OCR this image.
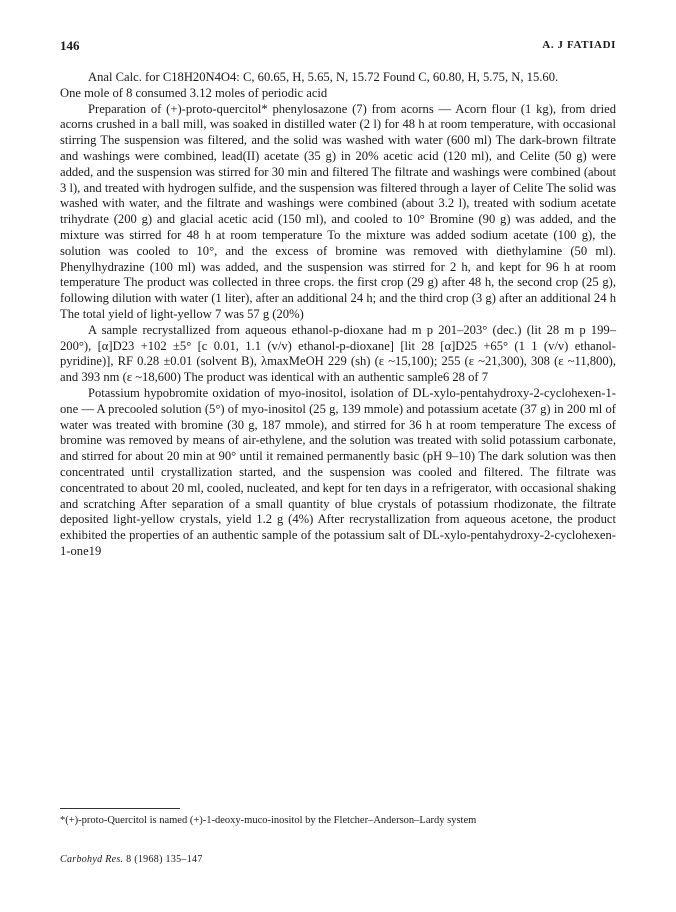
146	A. J FATIADI

Anal Calc. for C18H20N4O4: C, 60.65, H, 5.65, N, 15.72 Found C, 60.80, H, 5.75, N, 15.60.

One mole of 8 consumed 3.12 moles of periodic acid

Preparation of (+)-proto-quercitol* phenylosazone (7) from acorns — Acorn flour (1 kg), from dried acorns crushed in a ball mill, was soaked in distilled water (2 l) for 48 h at room temperature, with occasional stirring The suspension was filtered, and the solid was washed with water (600 ml) The dark-brown filtrate and washings were combined, lead(II) acetate (35 g) in 20% acetic acid (120 ml), and Celite (50 g) were added, and the suspension was stirred for 30 min and filtered The filtrate and washings were combined (about 3 l), and treated with hydrogen sulfide, and the suspension was filtered through a layer of Celite The solid was washed with water, and the filtrate and washings were combined (about 3.2 l), treated with sodium acetate trihydrate (200 g) and glacial acetic acid (150 ml), and cooled to 10° Bromine (90 g) was added, and the mixture was stirred for 48 h at room temperature To the mixture was added sodium acetate (100 g), the solution was cooled to 10°, and the excess of bromine was removed with diethylamine (50 ml). Phenylhydrazine (100 ml) was added, and the suspension was stirred for 2 h, and kept for 96 h at room temperature The product was collected in three crops. the first crop (29 g) after 48 h, the second crop (25 g), following dilution with water (1 liter), after an additional 24 h; and the third crop (3 g) after an additional 24 h The total yield of light-yellow 7 was 57 g (20%)

A sample recrystallized from aqueous ethanol-p-dioxane had m p 201–203° (dec.) (lit 28 m p 199–200°), [α]D23 +102 ±5° [c 0.01, 1.1 (v/v) ethanol-p-dioxane] [lit 28 [α]D25 +65° (1 1 (v/v) ethanol-pyridine)], RF 0.28 ±0.01 (solvent B), λmaxMeOH 229 (sh) (ε ~15,100); 255 (ε ~21,300), 308 (ε ~11,800), and 393 nm (ε ~18,600) The product was identical with an authentic sample6 28 of 7

Potassium hypobromite oxidation of myo-inositol, isolation of DL-xylo-pentahydroxy-2-cyclohexen-1-one — A precooled solution (5°) of myo-inositol (25 g, 139 mmole) and potassium acetate (37 g) in 200 ml of water was treated with bromine (30 g, 187 mmole), and stirred for 36 h at room temperature The excess of bromine was removed by means of air-ethylene, and the solution was treated with solid potassium carbonate, and stirred for about 20 min at 90° until it remained permanently basic (pH 9–10) The dark solution was then concentrated until crystallization started, and the suspension was cooled and filtered. The filtrate was concentrated to about 20 ml, cooled, nucleated, and kept for ten days in a refrigerator, with occasional shaking and scratching After separation of a small quantity of blue crystals of potassium rhodizonate, the filtrate deposited light-yellow crystals, yield 1.2 g (4%) After recrystallization from aqueous acetone, the product exhibited the properties of an authentic sample of the potassium salt of DL-xylo-pentahydroxy-2-cyclohexen-1-one19

*(+)-proto-Quercitol is named (+)-1-deoxy-muco-inositol by the Fletcher–Anderson–Lardy system
Carbohyd Res. 8 (1968) 135–147
